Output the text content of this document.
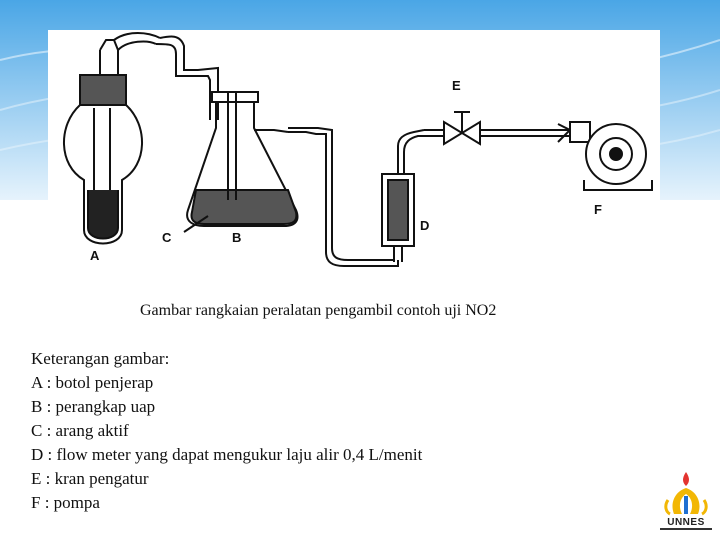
A
B
C
D
E
F
Gambar rangkaian peralatan pengambil contoh uji NO2
Keterangan gambar:
A : botol penjerap
B : perangkap uap
C : arang aktif
D : flow meter yang dapat mengukur laju alir 0,4 L/menit
E : kran pengatur
F : pompa
UNNES
